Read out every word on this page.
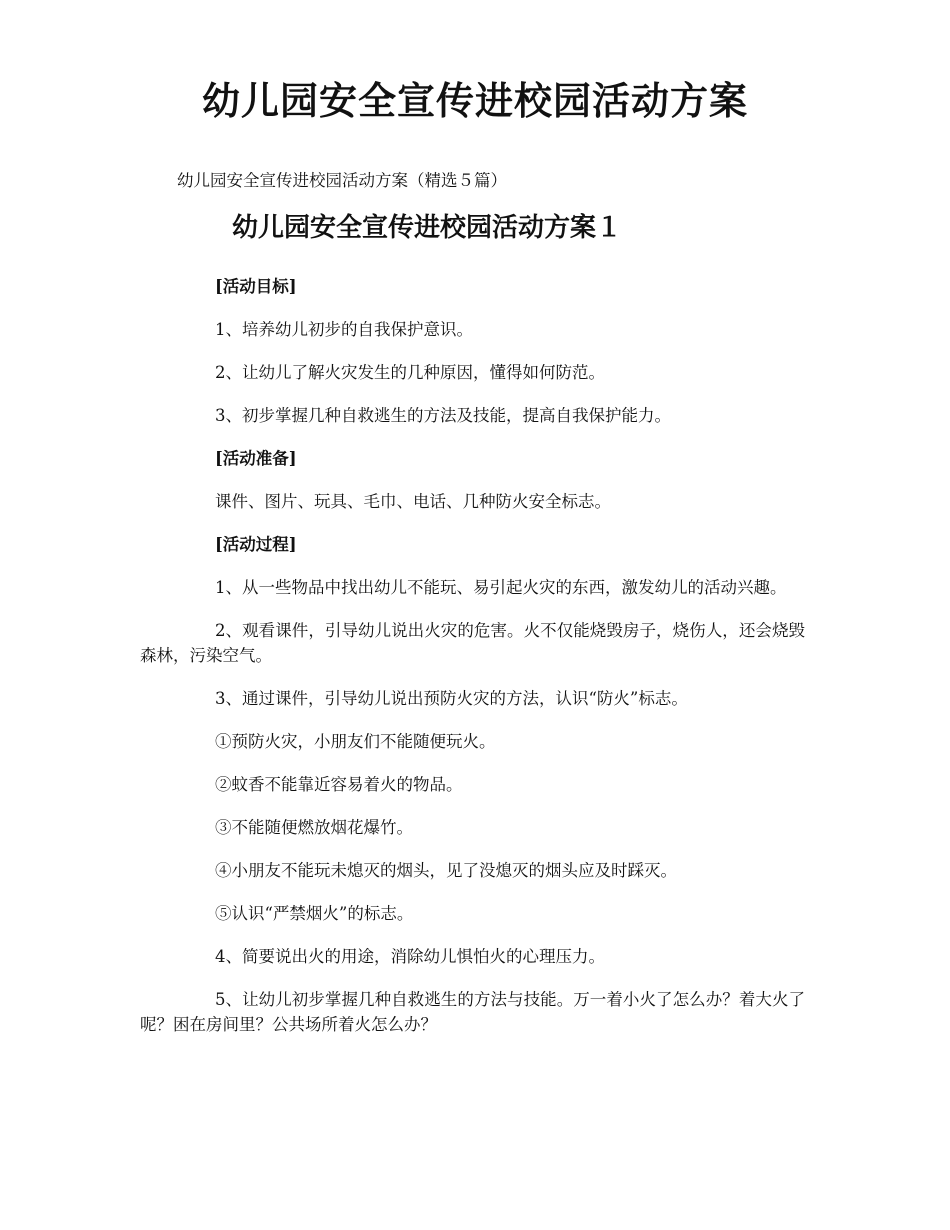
幼儿园安全宣传进校园活动方案

幼儿园安全宣传进校园活动方案（精选５篇）

幼儿园安全宣传进校园活动方案１

[活动目标]

1、培养幼儿初步的自我保护意识。

2、让幼儿了解火灾发生的几种原因，懂得如何防范。

3、初步掌握几种自救逃生的方法及技能，提高自我保护能力。

[活动准备]

课件、图片、玩具、毛巾、电话、几种防火安全标志。

[活动过程]

1、从一些物品中找出幼儿不能玩、易引起火灾的东西，激发幼儿的活动兴趣。

2、观看课件，引导幼儿说出火灾的危害。火不仅能烧毁房子，烧伤人，还会烧毁森林，污染空气。

3、通过课件，引导幼儿说出预防火灾的方法，认识“防火”标志。

①预防火灾，小朋友们不能随便玩火。

②蚊香不能靠近容易着火的物品。

③不能随便燃放烟花爆竹。

④小朋友不能玩未熄灭的烟头，见了没熄灭的烟头应及时踩灭。

⑤认识“严禁烟火”的标志。

4、简要说出火的用途，消除幼儿惧怕火的心理压力。

5、让幼儿初步掌握几种自救逃生的方法与技能。万一着小火了怎么办？着大火了呢？困在房间里？公共场所着火怎么办？
